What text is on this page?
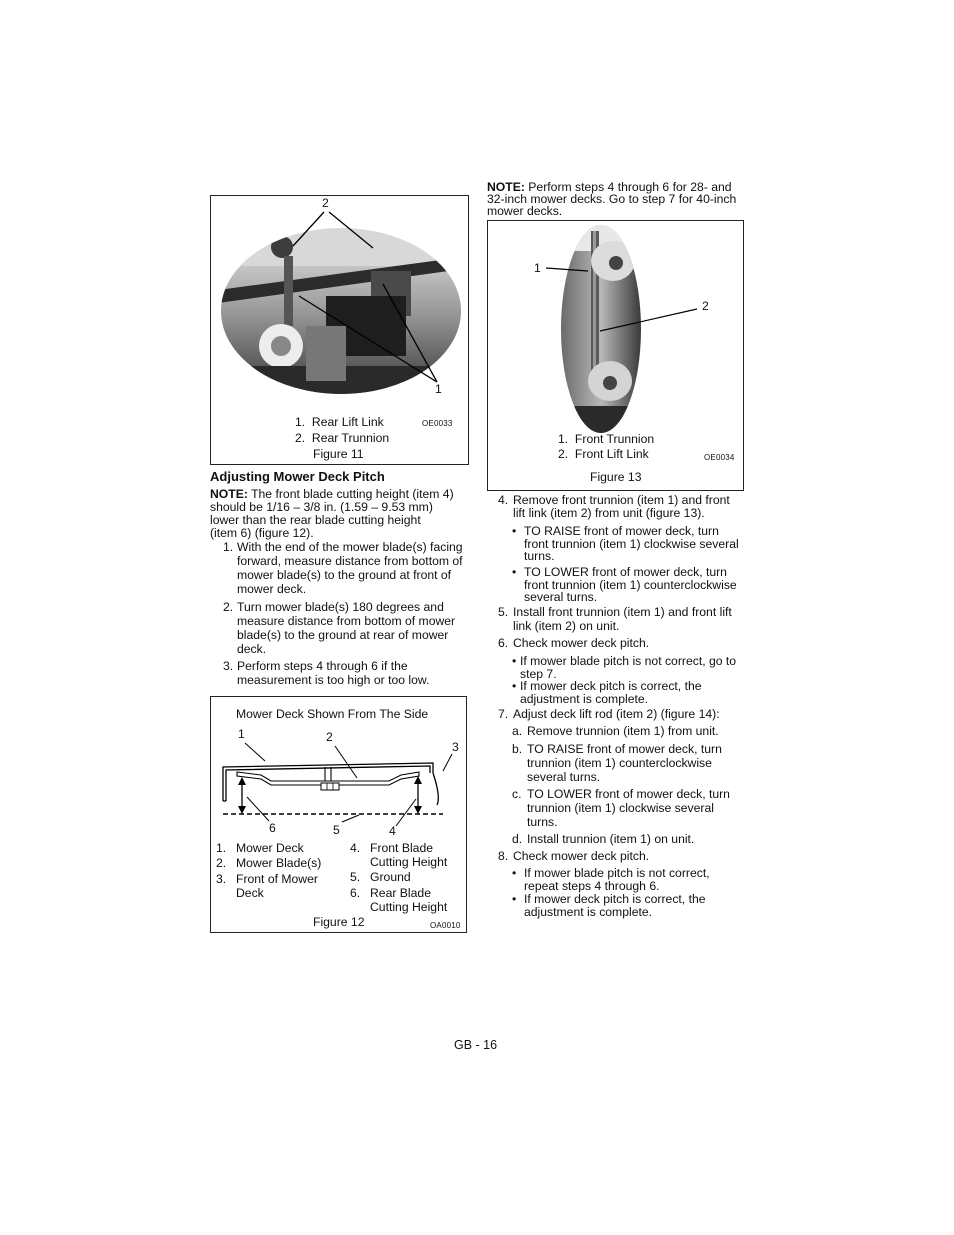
2
1
1.  Rear Lift Link
2.  Rear Trunnion
OE0033
Figure 11
Adjusting Mower Deck Pitch
NOTE: The front blade cutting height (item 4)
should be 1/16 – 3/8 in. (1.59 – 9.53 mm)
lower than the rear blade cutting height
(item 6) (figure 12).
1. With the end of the mower blade(s) facing
forward, measure distance from bottom of
mower blade(s) to the ground at front of
mower deck.
2. Turn mower blade(s) 180 degrees and
measure distance from bottom of mower
blade(s) to the ground at rear of mower
deck.
3. Perform steps 4 through 6 if the
measurement is too high or too low.
Mower Deck Shown From The Side
1	2
3
6	5	4
1. Mower Deck
2. Mower Blade(s)
3. Front of Mower
Deck
4. Front Blade
Cutting Height
5. Ground
6. Rear Blade
Cutting Height
Figure 12	OA0010
NOTE: Perform steps 4 through 6 for 28- and
32-inch mower decks. Go to step 7 for 40-inch
mower decks.
1
2
1.  Front Trunnion
2.  Front Lift Link	OE0034
Figure 13
4. Remove front trunnion (item 1) and front
lift link (item 2) from unit (figure 13).
• TO RAISE front of mower deck, turn
front trunnion (item 1) clockwise several
turns.
• TO LOWER front of mower deck, turn
front trunnion (item 1) counterclockwise
several turns.
5. Install front trunnion (item 1) and front lift
link (item 2) on unit.
6. Check mower deck pitch.
• If mower blade pitch is not correct, go to
step 7.
• If mower deck pitch is correct, the
adjustment is complete.
7. Adjust deck lift rod (item 2) (figure 14):
a. Remove trunnion (item 1) from unit.
b. TO RAISE front of mower deck, turn
trunnion (item 1) counterclockwise
several turns.
c. TO LOWER front of mower deck, turn
trunnion (item 1) clockwise several
turns.
d. Install trunnion (item 1) on unit.
8. Check mower deck pitch.
• If mower blade pitch is not correct,
repeat steps 4 through 6.
• If mower deck pitch is correct, the
adjustment is complete.
GB - 16
